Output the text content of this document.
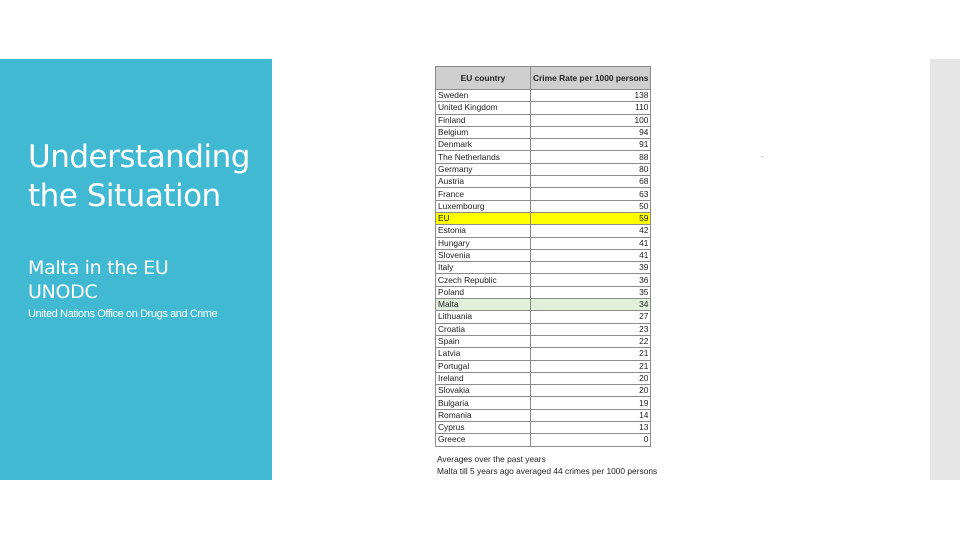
Understanding the Situation
Malta in the EU
UNODC
United Nations Office on Drugs and Crime
.
EU country	Crime Rate per 1000 persons
Sweden	138
United Kingdom	110
Finland	100
Belgium	94
Denmark	91
The Netherlands	88
Germany	80
Austria	68
France	63
Luxembourg	50
EU	59
Estonia	42
Hungary	41
Slovenia	41
Italy	39
Czech Republic	36
Poland	35
Malta	34
Lithuania	27
Croatia	23
Spain	22
Latvia	21
Portugal	21
Ireland	20
Slovakia	20
Bulgaria	19
Romania	14
Cyprus	13
Greece	0
Averages over the past years
Malta till 5 years ago averaged 44 crimes per 1000 persons
